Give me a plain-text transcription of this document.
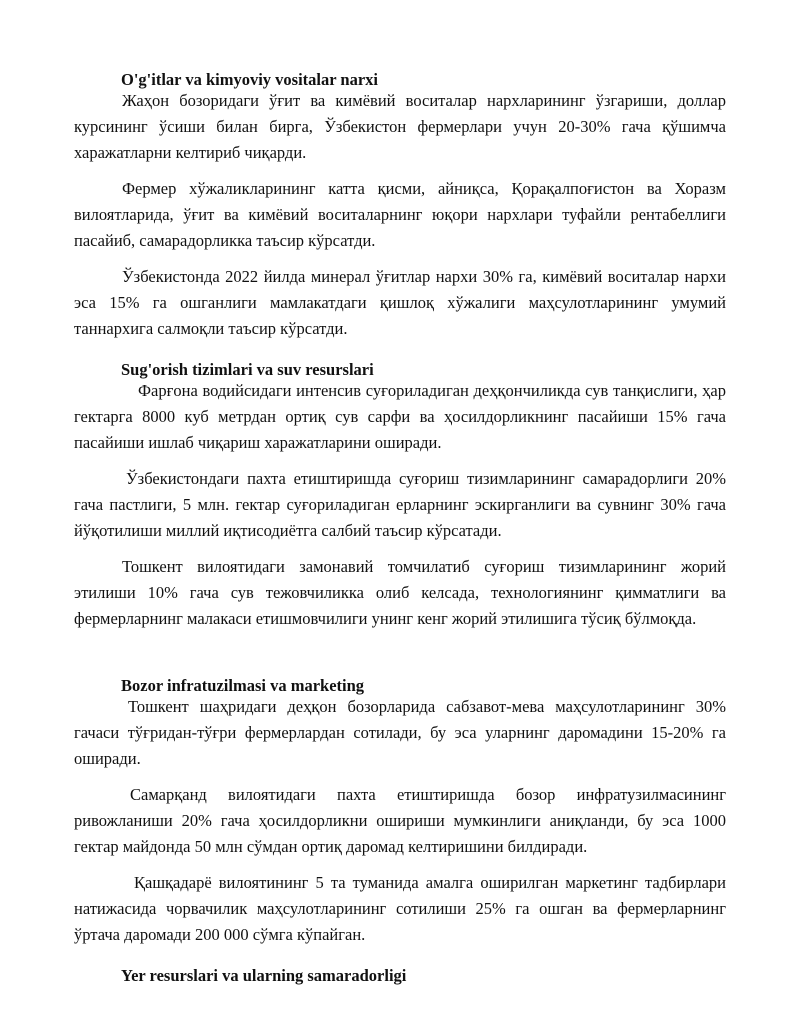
O'g'itlar va kimyoviy vositalar narxi

Жаҳон бозоридаги ўғит ва кимёвий воситалар нархларининг ўзгариши, доллар курсининг ўсиши билан бирга, Ўзбекистон фермерлари учун 20-30% гача қўшимча харажатларни келтириб чиқарди.

Фермер хўжаликларининг катта қисми, айниқса, Қорақалпоғистон ва Хоразм вилоятларида, ўғит ва кимёвий воситаларнинг юқори нархлари туфайли рентабеллиги пасайиб, самарадорликка таъсир кўрсатди.

Ўзбекистонда 2022 йилда минерал ўғитлар нархи 30% га, кимёвий воситалар нархи эса 15% га ошганлиги мамлакатдаги қишлоқ хўжалиги маҳсулотларининг умумий таннархига салмоқли таъсир кўрсатди.

Sug'orish tizimlari va suv resurslari

Фарғона водийсидаги интенсив суғориладиган деҳқончиликда сув танқислиги, ҳар гектарга 8000 куб метрдан ортиқ сув сарфи ва ҳосилдорликнинг пасайиши 15% гача пасайиши ишлаб чиқариш харажатларини оширади.

Ўзбекистондаги пахта етиштиришда суғориш тизимларининг самарадорлиги 20% гача пастлиги, 5 млн. гектар суғориладиган ерларнинг эскирганлиги ва сувнинг 30% гача йўқотилиши миллий иқтисодиётга салбий таъсир кўрсатади.

Тошкент вилоятидаги замонавий томчилатиб суғориш тизимларининг жорий этилиши 10% гача сув тежовчиликка олиб келсада, технологиянинг қимматлиги ва фермерларнинг малакаси етишмовчилиги унинг кенг жорий этилишига тўсиқ бўлмоқда.

Bozor infratuzilmasi va marketing

Тошкент шаҳридаги деҳқон бозорларида сабзавот-мева маҳсулотларининг 30% гачаси тўғридан-тўғри фермерлардан сотилади, бу эса уларнинг даромадини 15-20% га оширади.

Самарқанд вилоятидаги пахта етиштиришда бозор инфратузилмасининг ривожланиши 20% гача ҳосилдорликни ошириши мумкинлиги аниқланди, бу эса 1000 гектар майдонда 50 млн сўмдан ортиқ даромад келтиришини билдиради.

Қашқадарё вилоятининг 5 та туманида амалга оширилган маркетинг тадбирлари натижасида чорвачилик маҳсулотларининг сотилиши 25% га ошган ва фермерларнинг ўртача даромади 200 000 сўмга кўпайган.

Yer resurslari va ularning samaradorligi
